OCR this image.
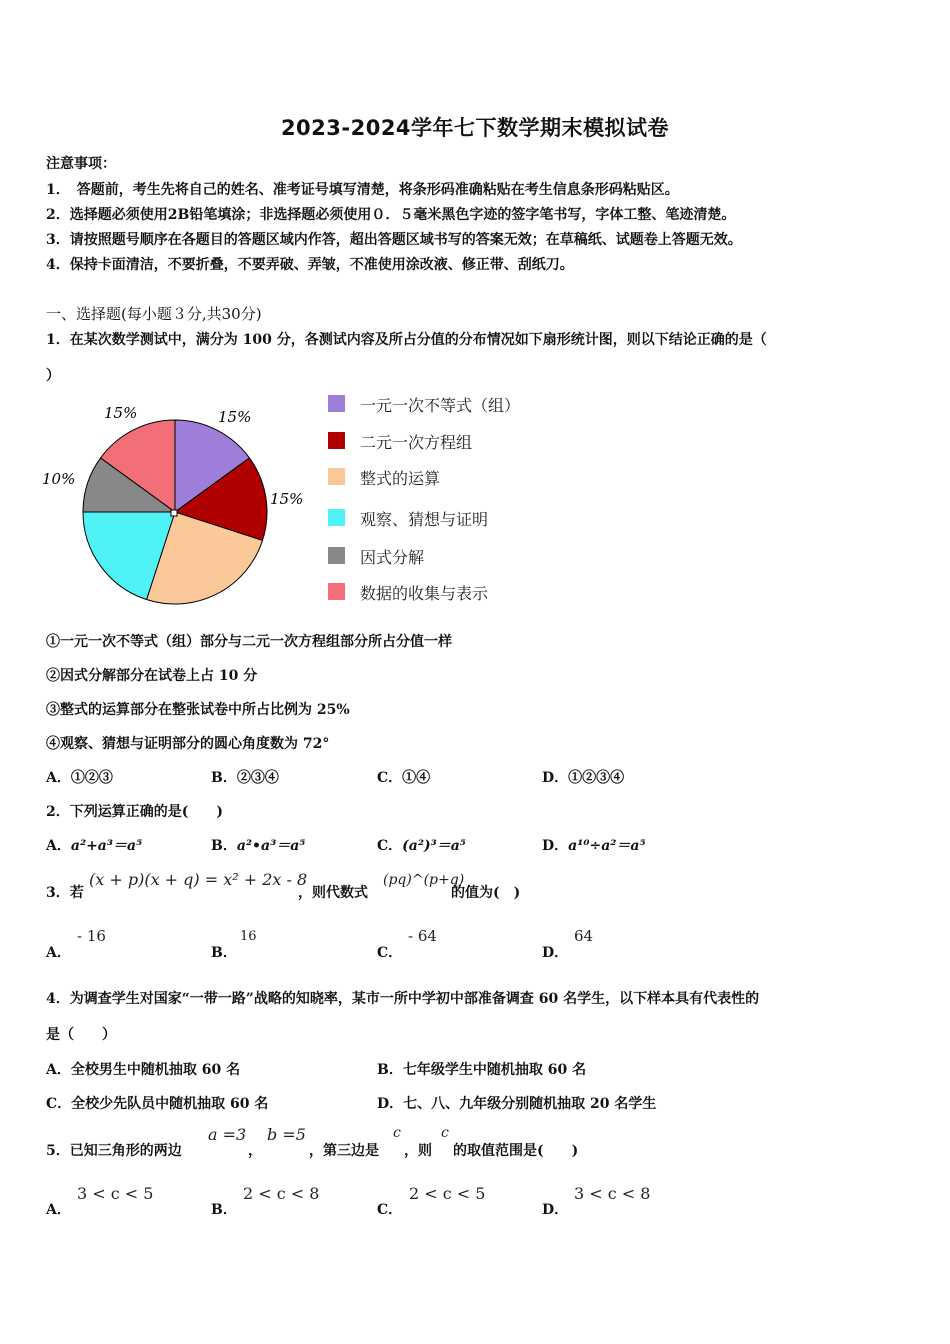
2023-2024学年七下数学期末模拟试卷
注意事项：
1．　答题前，考生先将自己的姓名、准考证号填写清楚，将条形码准确粘贴在考生信息条形码粘贴区。
2．选择题必须使用2B铅笔填涂；非选择题必须使用０．５毫米黑色字迹的签字笔书写，字体工整、笔迹清楚。
3．请按照题号顺序在各题目的答题区域内作答，超出答题区域书写的答案无效；在草稿纸、试题卷上答题无效。
4．保持卡面清洁，不要折叠，不要弄破、弄皱，不准使用涂改液、修正带、刮纸刀。
一、选择题(每小题３分,共30分)
1．在某次数学测试中，满分为 100 分，各测试内容及所占分值的分布情况如下扇形统计图，则以下结论正确的是（
）
15%	15%
10%
15%
一元一次不等式（组）
二元一次方程组
整式的运算
观察、猜想与证明
因式分解
数据的收集与表示
①一元一次不等式（组）部分与二元一次方程组部分所占分值一样
②因式分解部分在试卷上占 10 分
③整式的运算部分在整张试卷中所占比例为 25%
④观察、猜想与证明部分的圆心角度数为 72°
A．①②③	B．②③④	C．①④	D．①②③④
2．下列运算正确的是(　　)
A．a²+a³＝a⁵	B．a²•a³＝a⁵	C．(a²)³＝a⁵	D．a¹⁰÷a²＝a⁵
3．若
(x + p)(x + q) = x² + 2x - 8
，则代数式
(pq)^(p+q)
的值为(　)
A．
- 16
B．
16
C．
- 64
D．
64
4．为调查学生对国家“一带一路”战略的知晓率，某市一所中学初中部准备调查 60 名学生，以下样本具有代表性的
是（　　）
A．全校男生中随机抽取 60 名	B．七年级学生中随机抽取 60 名
C．全校少先队员中随机抽取 60 名	D．七、八、九年级分别随机抽取 20 名学生
5．已知三角形的两边
a =3
，
b =5
，第三边是
c
，则
c
的取值范围是(　　)
A．
3 < c < 5
B．
2 < c < 8
C．
2 < c < 5
D．
3 < c < 8
